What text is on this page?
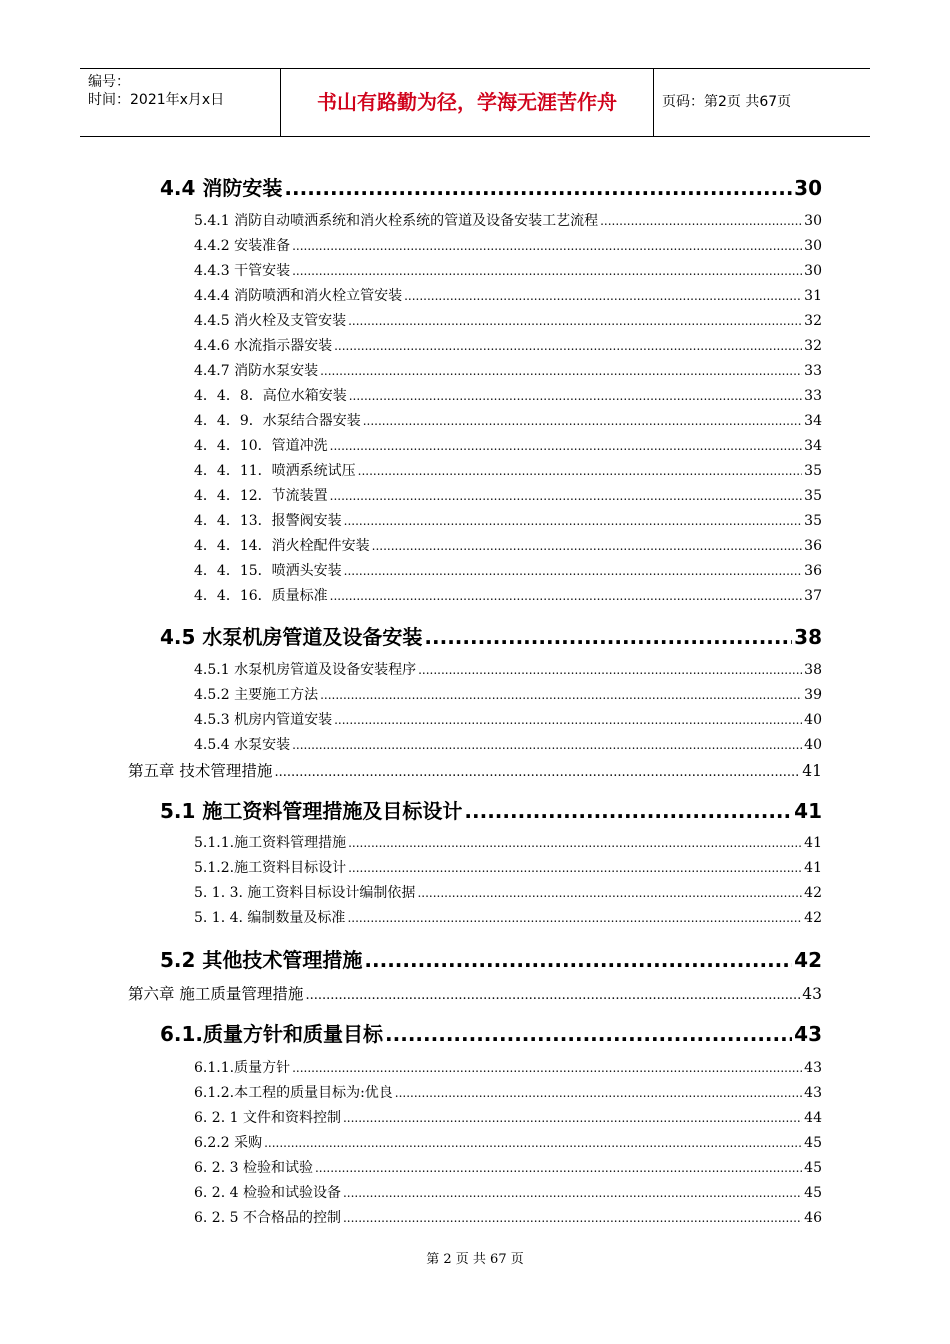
编号：
时间：2021年x月x日	书山有路勤为径，学海无涯苦作舟	页码：第2页 共67页
4.4 消防安装 .....	30
5.4.1 消防自动喷洒系统和消火栓系统的管道及设备安装工艺流程 .....	30
4.4.2 安装准备 .....	30
4.4.3 干管安装 .....	30
4.4.4 消防喷洒和消火栓立管安装 .....	31
4.4.5 消火栓及支管安装 .....	32
4.4.6 水流指示器安装 .....	32
4.4.7 消防水泵安装 .....	33
4．4．8．高位水箱安装 .....	33
4．4．9．水泵结合器安装 .....	34
4．4．10．管道冲洗 .....	34
4．4．11．喷洒系统试压 .....	35
4．4．12．节流装置 .....	35
4．4．13．报警阀安装 .....	35
4．4．14．消火栓配件安装 .....	36
4．4．15．喷洒头安装 .....	36
4．4．16．质量标准 .....	37
4.5 水泵机房管道及设备安装 .....	38
4.5.1 水泵机房管道及设备安装程序 .....	38
4.5.2 主要施工方法 .....	39
4.5.3 机房内管道安装 .....	40
4.5.4 水泵安装 .....	40
第五章 技术管理措施 .....	41
5.1 施工资料管理措施及目标设计 .....	41
5.1.1.施工资料管理措施 .....	41
5.1.2.施工资料目标设计 .....	41
5. 1. 3. 施工资料目标设计编制依据 .....	42
5. 1. 4. 编制数量及标准 .....	42
5.2 其他技术管理措施 .....	42
第六章 施工质量管理措施 .....	43
6.1.质量方针和质量目标 .....	43
6.1.1.质量方针 .....	43
6.1.2.本工程的质量目标为:优良 .....	43
6. 2. 1 文件和资料控制 .....	44
6.2.2 采购 .....	45
6. 2. 3 检验和试验 .....	45
6. 2. 4 检验和试验设备 .....	45
6. 2. 5 不合格品的控制 .....	46
第 2 页 共 67 页
